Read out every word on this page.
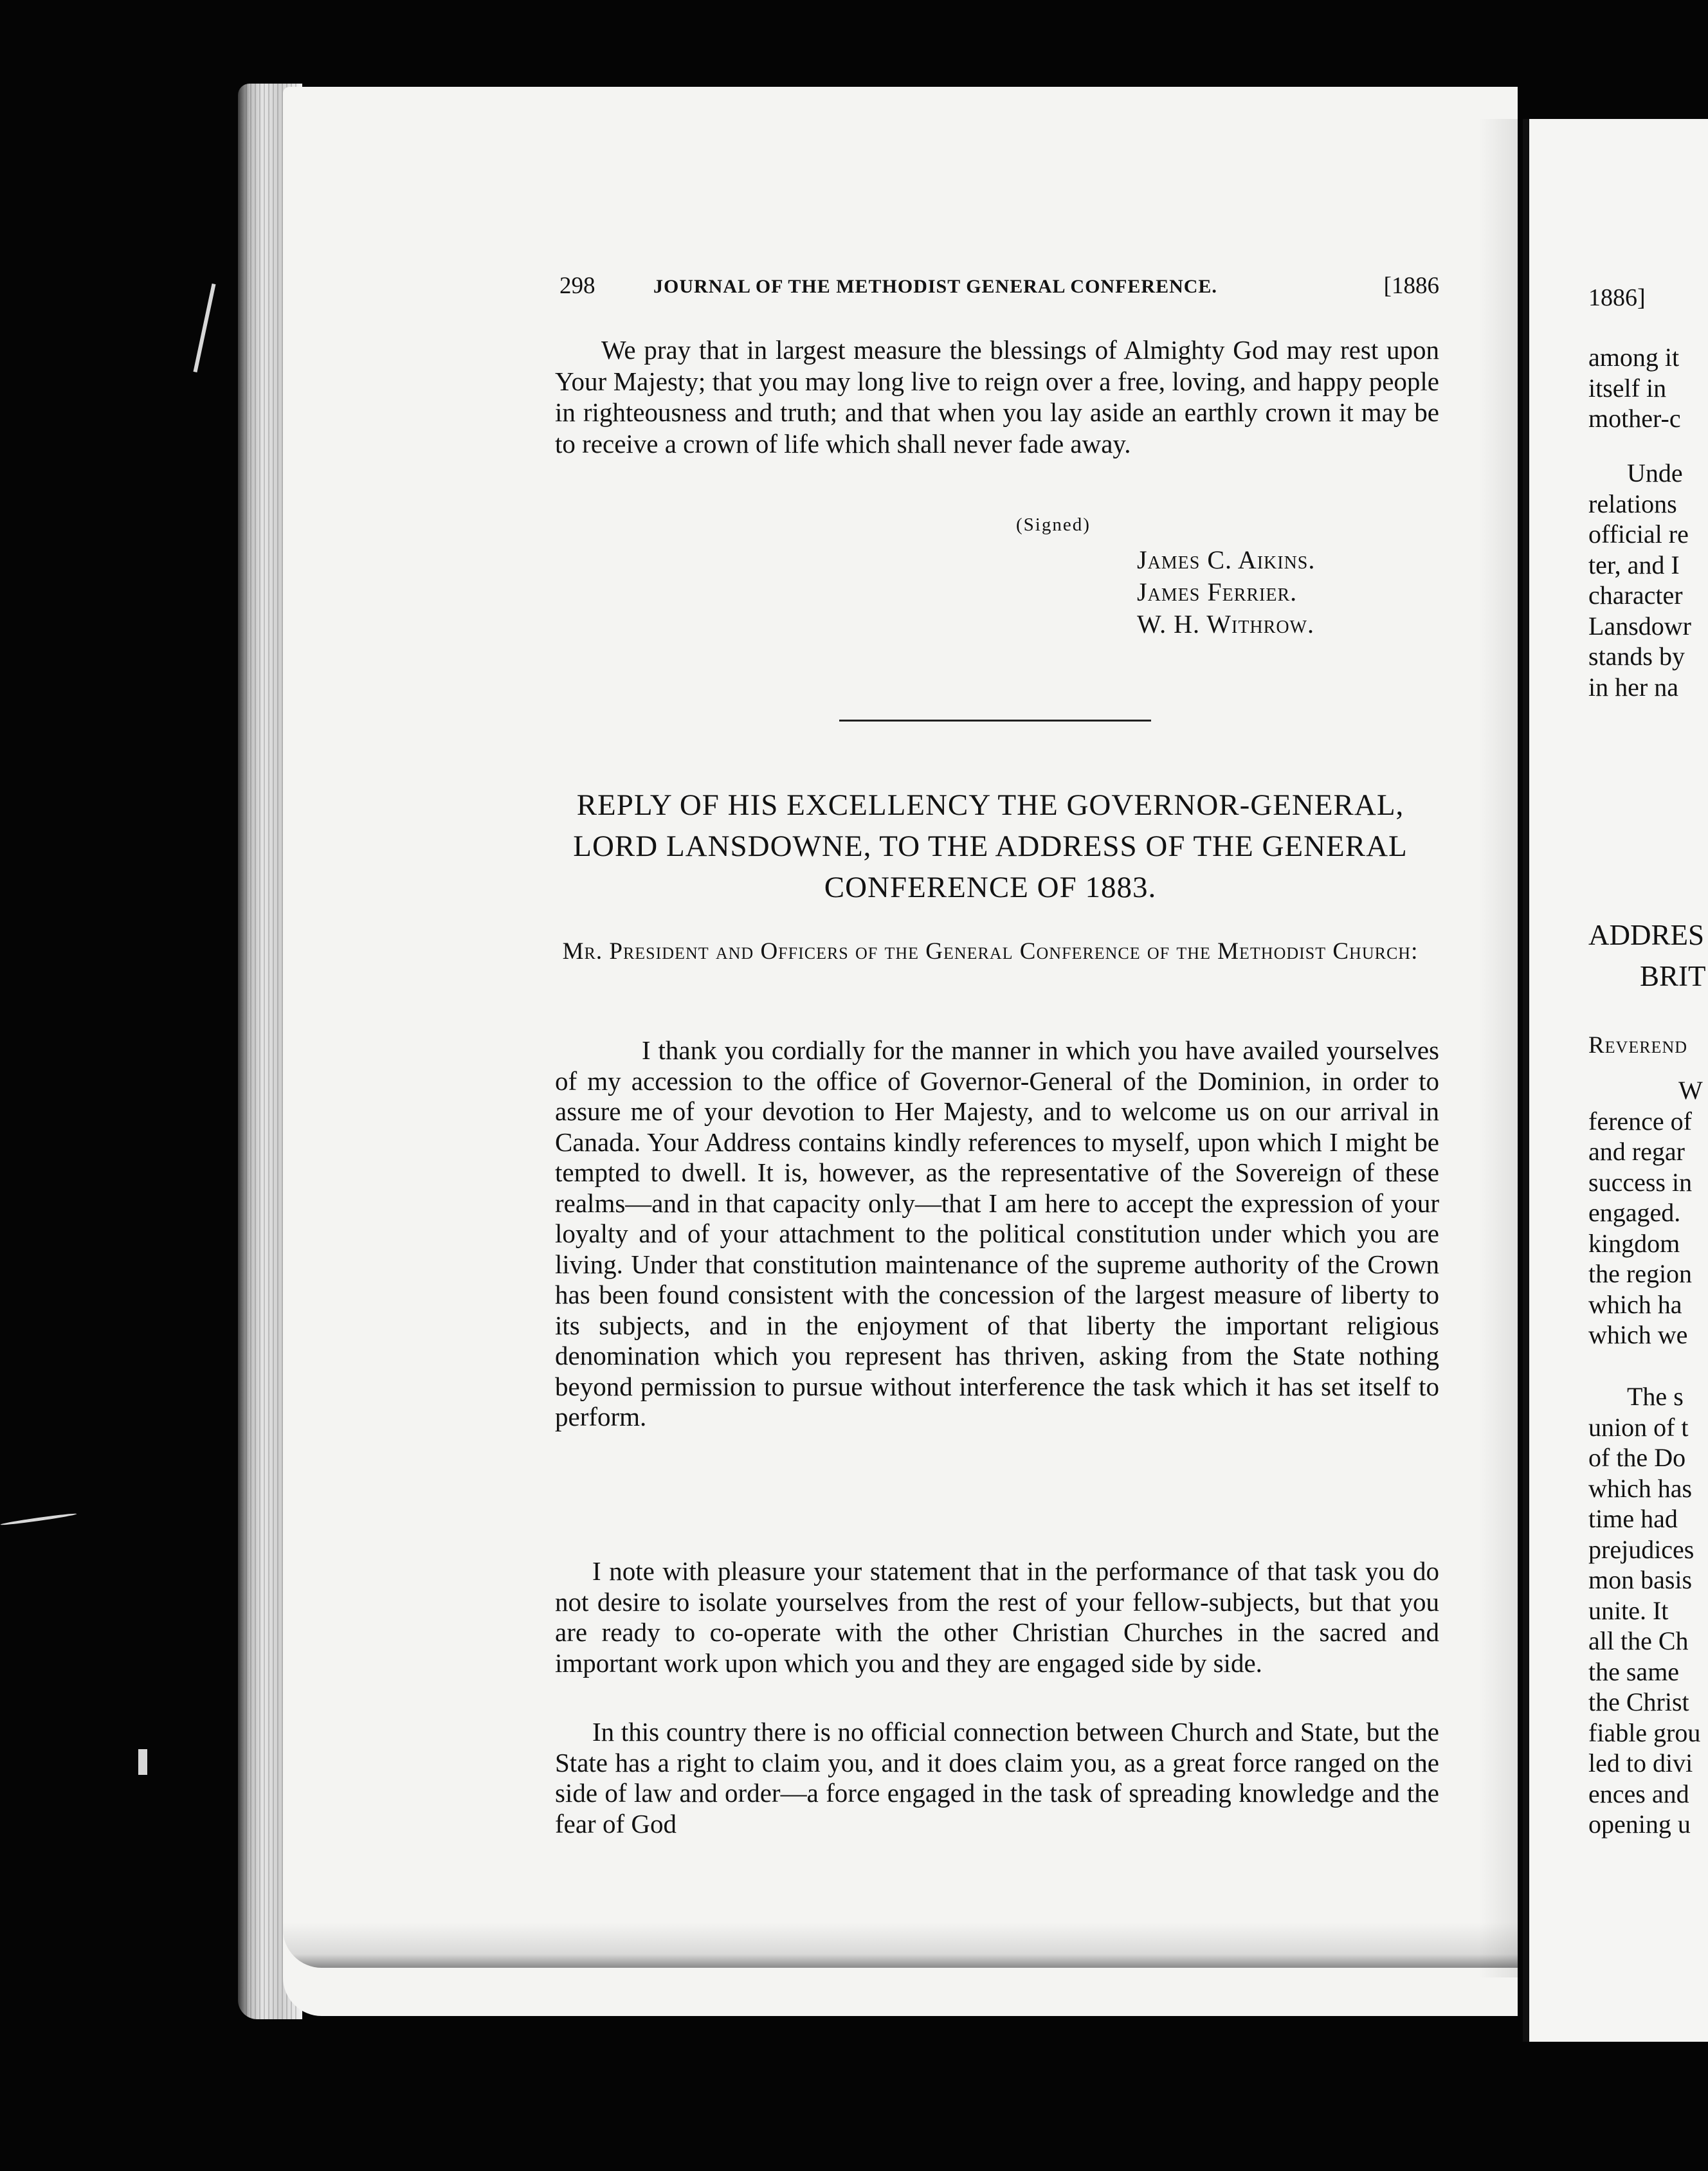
298	JOURNAL OF THE METHODIST GENERAL CONFERENCE.	[1886
We pray that in largest measure the blessings of Almighty God may rest upon Your Majesty; that you may long live to reign over a free, loving, and happy people in righteousness and truth; and that when you lay aside an earthly crown it may be to receive a crown of life which shall never fade away.
(Signed)
James C. Aikins.
James Ferrier.
W. H. Withrow.
REPLY OF HIS EXCELLENCY THE GOVERNOR-GENERAL, LORD LANSDOWNE, TO THE ADDRESS OF THE GENERAL CONFERENCE OF 1883.
Mr. President and Officers of the General Conference of the Methodist Church:
I thank you cordially for the manner in which you have availed yourselves of my accession to the office of Governor-General of the Dominion, in order to assure me of your devotion to Her Majesty, and to welcome us on our arrival in Canada. Your Address contains kindly references to myself, upon which I might be tempted to dwell. It is, however, as the representative of the Sovereign of these realms—and in that capacity only—that I am here to accept the expression of your loyalty and of your attachment to the political constitution under which you are living. Under that constitution maintenance of the supreme authority of the Crown has been found consistent with the concession of the largest measure of liberty to its subjects, and in the enjoyment of that liberty the important religious denomination which you represent has thriven, asking from the State nothing beyond permission to pursue without interference the task which it has set itself to perform.
I note with pleasure your statement that in the performance of that task you do not desire to isolate yourselves from the rest of your fellow-subjects, but that you are ready to co-operate with the other Christian Churches in the sacred and important work upon which you and they are engaged side by side.
In this country there is no official connection between Church and State, but the State has a right to claim you, and it does claim you, as a great force ranged on the side of law and order—a force engaged in the task of spreading knowledge and the fear of God
1886]
among it
itself in
mother-c
Unde
relations
official re
ter, and I
character
Lansdowr
stands by
in her na
ADDRES
BRIT
Reverend
W
ference of
and regar
success in
engaged.
kingdom
the region
which ha
which we
The s
union of t
of the Do
which has
time had
prejudices
mon basis
unite. It
all the Ch
the same
the Christ
fiable grou
led to divi
ences and
opening u
